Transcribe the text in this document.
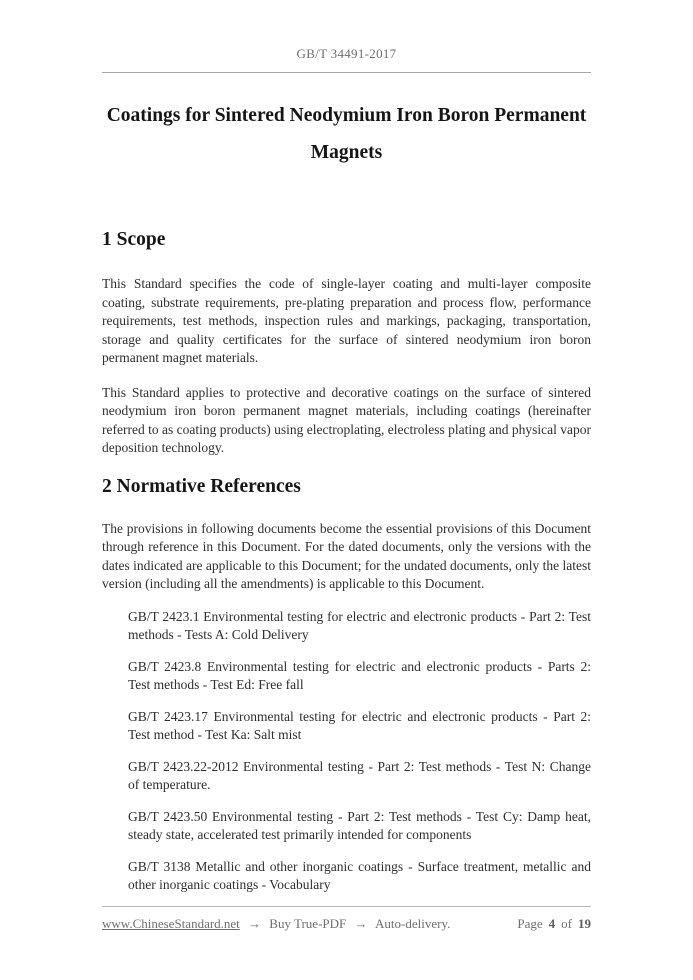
GB/T 34491-2017
Coatings for Sintered Neodymium Iron Boron Permanent Magnets
1 Scope

This Standard specifies the code of single-layer coating and multi-layer composite coating, substrate requirements, pre-plating preparation and process flow, performance requirements, test methods, inspection rules and markings, packaging, transportation, storage and quality certificates for the surface of sintered neodymium iron boron permanent magnet materials.

This Standard applies to protective and decorative coatings on the surface of sintered neodymium iron boron permanent magnet materials, including coatings (hereinafter referred to as coating products) using electroplating, electroless plating and physical vapor deposition technology.

2 Normative References

The provisions in following documents become the essential provisions of this Document through reference in this Document. For the dated documents, only the versions with the dates indicated are applicable to this Document; for the undated documents, only the latest version (including all the amendments) is applicable to this Document.

GB/T 2423.1 Environmental testing for electric and electronic products - Part 2: Test methods - Tests A: Cold Delivery

GB/T 2423.8 Environmental testing for electric and electronic products - Parts 2: Test methods - Test Ed: Free fall

GB/T 2423.17 Environmental testing for electric and electronic products - Part 2: Test method - Test Ka: Salt mist

GB/T 2423.22-2012 Environmental testing - Part 2: Test methods - Test N: Change of temperature.

GB/T 2423.50 Environmental testing - Part 2: Test methods - Test Cy: Damp heat, steady state, accelerated test primarily intended for components

GB/T 3138 Metallic and other inorganic coatings - Surface treatment, metallic and other inorganic coatings - Vocabulary

www.ChineseStandard.net → Buy True-PDF → Auto-delivery.	Page 4 of 19
